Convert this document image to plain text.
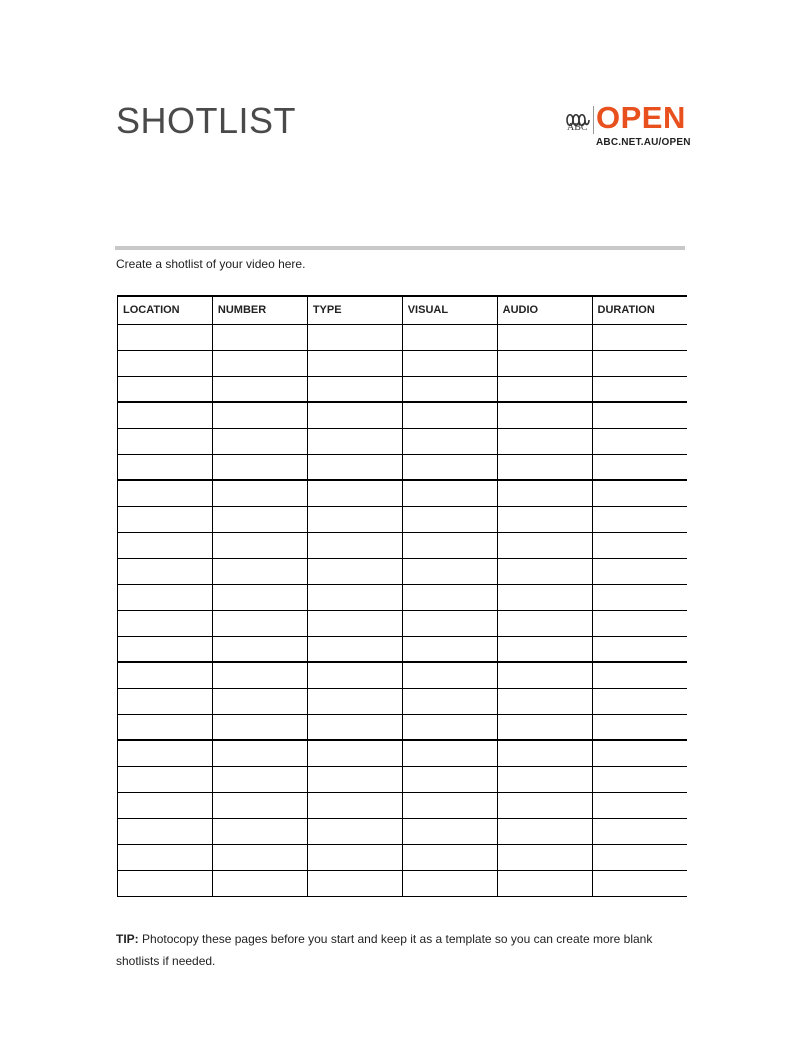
SHOTLIST	ABC OPEN
ABC.NET.AU/OPEN
Create a shotlist of your video here.
LOCATION	NUMBER	TYPE	VISUAL	AUDIO	DURATION

TIP: Photocopy these pages before you start and keep it as a template so you can create more blank shotlists if needed.
